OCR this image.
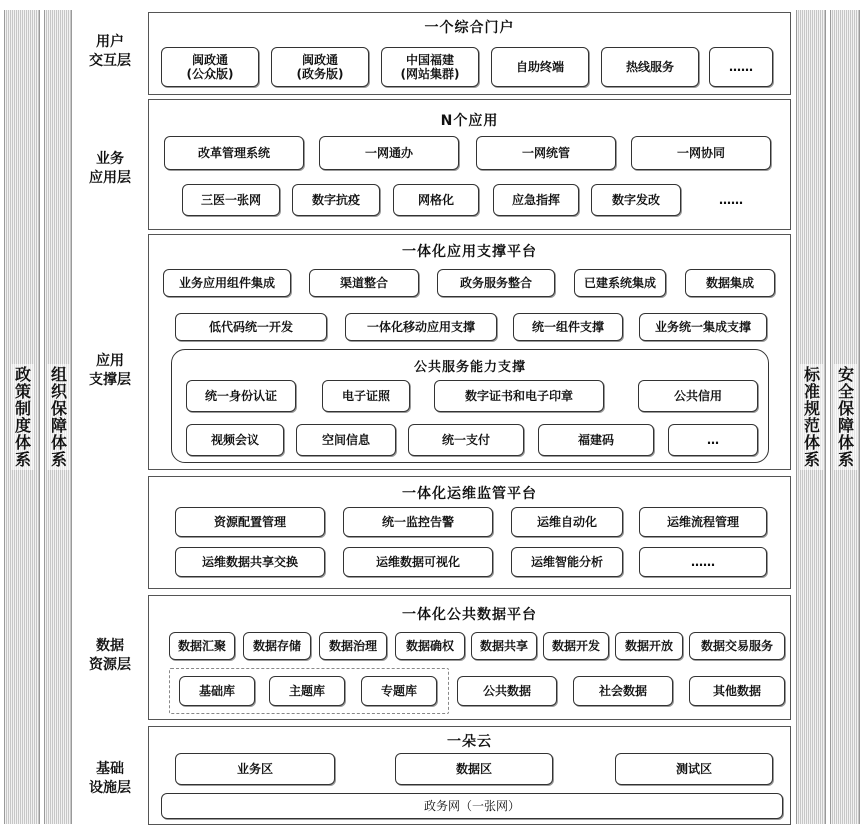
政策制度体系 组织保障体系	标准规范体系 安全保障体系
用户
交互层
业务
应用层
应用
支撑层
数据
资源层
基础
设施层
一个综合门户
闽政通
(公众版)
闽政通
(政务版)
中国福建
(网站集群)	自助终端	热线服务	……
N个应用
改革管理系统	一网通办	一网统管	一网协同
三医一张网	数字抗疫	网格化	应急指挥	数字发改	……
一体化应用支撑平台
业务应用组件集成	渠道整合	政务服务整合	已建系统集成	数据集成
低代码统一开发	一体化移动应用支撑	统一组件支撑	业务统一集成支撑
公共服务能力支撑
统一身份认证	电子证照	数字证书和电子印章	公共信用
视频会议	空间信息	统一支付	福建码	…
一体化运维监管平台
资源配置管理	统一监控告警	运维自动化	运维流程管理
运维数据共享交换	运维数据可视化	运维智能分析	……
一体化公共数据平台
数据汇聚	数据存储	数据治理	数据确权	数据共享	数据开发	数据开放	数据交易服务
基础库	主题库	专题库	公共数据	社会数据	其他数据
一朵云
业务区	数据区	测试区
政务网（一张网）
